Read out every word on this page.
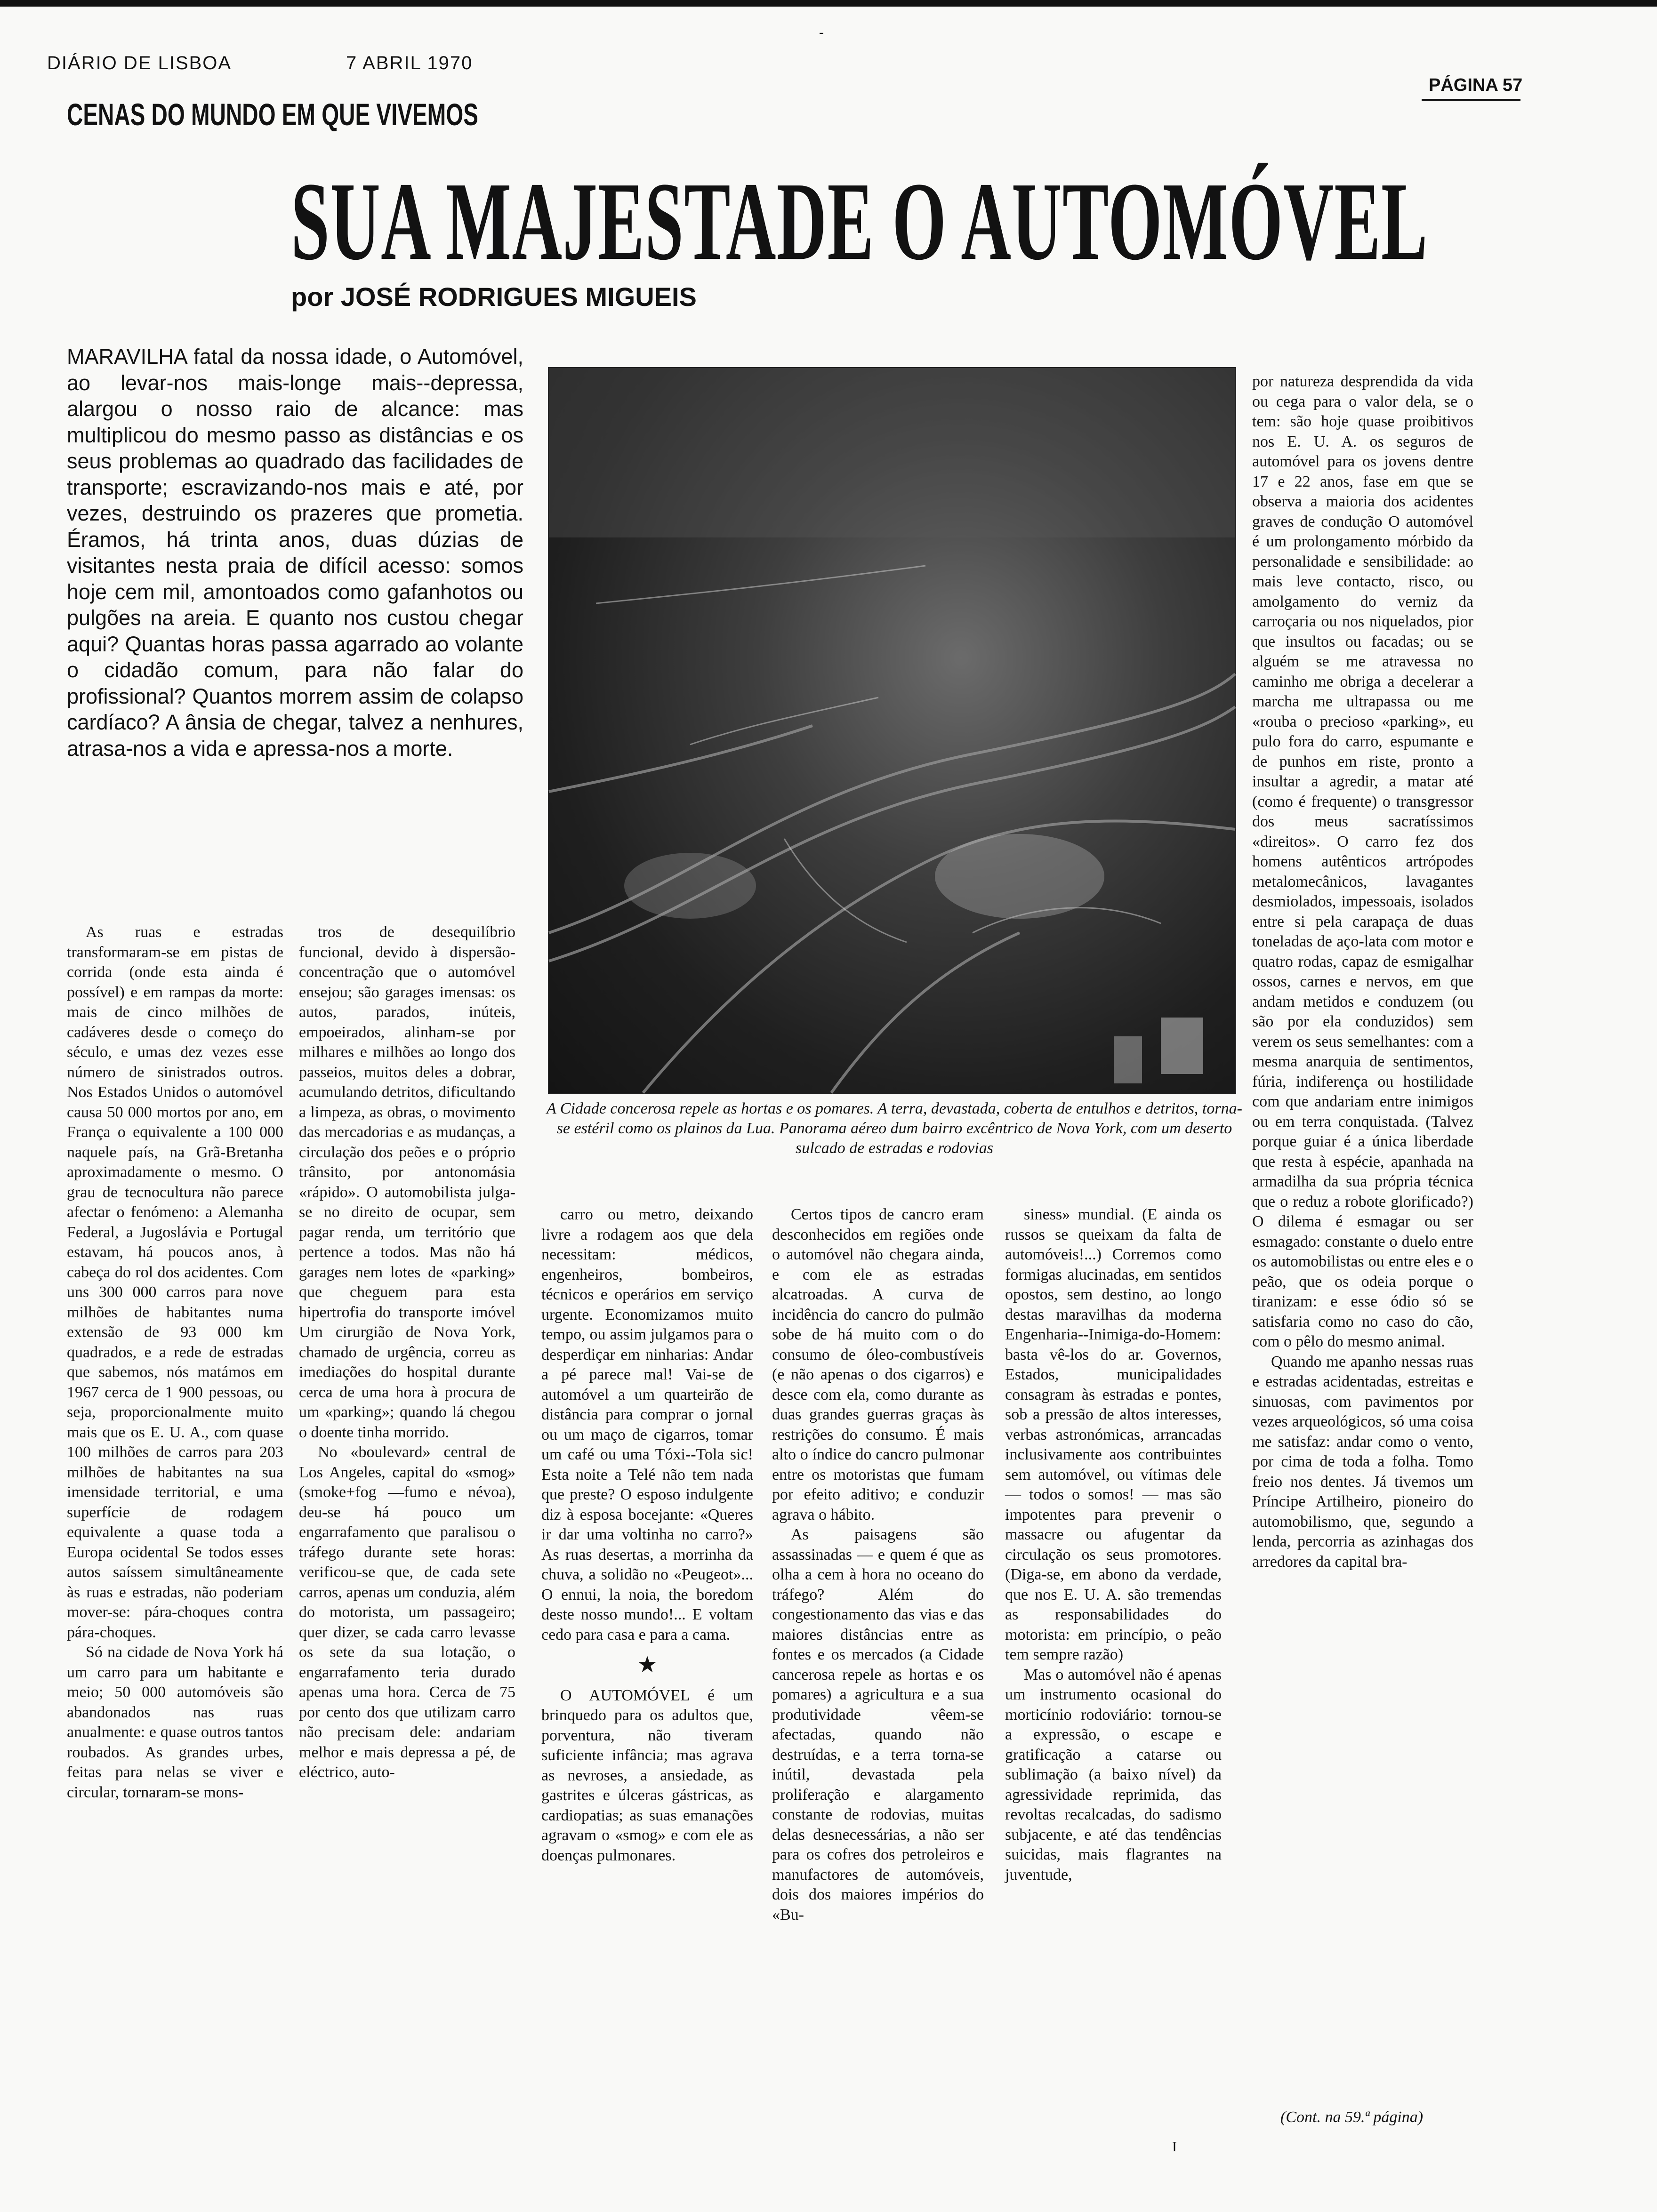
DIÁRIO DE LISBOA	7 ABRIL 1970
PÁGINA 57
-
CENAS DO MUNDO EM QUE VIVEMOS
SUA MAJESTADE O AUTOMÓVEL
por JOSÉ RODRIGUES MIGUEIS
MARAVILHA fatal da nossa idade, o Automóvel, ao levar-nos mais-longe mais--depressa, alargou o nosso raio de alcance: mas multiplicou do mesmo passo as distâncias e os seus problemas ao quadrado das facilidades de transporte; escravizando-nos mais e até, por vezes, destruindo os prazeres que prometia. Éramos, há trinta anos, duas dúzias de visitantes nesta praia de difícil acesso: somos hoje cem mil, amontoados como gafanhotos ou pulgões na areia. E quanto nos custou chegar aqui? Quantas horas passa agarrado ao volante o cidadão comum, para não falar do profissional? Quantos morrem assim de colapso cardíaco? A ânsia de chegar, talvez a nenhures, atrasa-nos a vida e apressa-nos a morte.
A Cidade concerosa repele as hortas e os pomares. A terra, devastada, coberta de entulhos e detritos, torna-se estéril como os plainos da Lua. Panorama aéreo dum bairro excêntrico de Nova York, com um deserto sulcado de estradas e rodovias

As ruas e estradas transformaram-se em pistas de corrida (onde esta ainda é possível) e em rampas da morte: mais de cinco milhões de cadáveres desde o começo do século, e umas dez vezes esse número de sinistrados outros. Nos Estados Unidos o automóvel causa 50 000 mortos por ano, em França o equivalente a 100 000 naquele país, na Grã-Bretanha aproximadamente o mesmo. O grau de tecnocultura não parece afectar o fenómeno: a Alemanha Federal, a Jugoslávia e Portugal estavam, há poucos anos, à cabeça do rol dos acidentes. Com uns 300 000 carros para nove milhões de habitantes numa extensão de 93 000 km quadrados, e a rede de estradas que sabemos, nós matámos em 1967 cerca de 1 900 pessoas, ou seja, proporcionalmente muito mais que os E. U. A., com quase 100 milhões de carros para 203 milhões de habitantes na sua imensidade territorial, e uma superfície de rodagem equivalente a quase toda a Europa ocidental Se todos esses autos saíssem simultâneamente às ruas e estradas, não poderiam mover-se: pára-choques contra pára-choques.

Só na cidade de Nova York há um carro para um habitante e meio; 50 000 automóveis são abandonados nas ruas anualmente: e quase outros tantos roubados. As grandes urbes, feitas para nelas se viver e circular, tornaram-se mons-

tros de desequilíbrio funcional, devido à dispersão-concentração que o automóvel ensejou; são garages imensas: os autos, parados, inúteis, empoeirados, alinham-se por milhares e milhões ao longo dos passeios, muitos deles a dobrar, acumulando detritos, dificultando a limpeza, as obras, o movimento das mercadorias e as mudanças, a circulação dos peões e o próprio trânsito, por antonomásia «rápido». O automobilista julga-se no direito de ocupar, sem pagar renda, um território que pertence a todos. Mas não há garages nem lotes de «parking» que cheguem para esta hipertrofia do transporte imóvel Um cirurgião de Nova York, chamado de urgência, correu as imediações do hospital durante cerca de uma hora à procura de um «parking»; quando lá chegou o doente tinha morrido.

No «boulevard» central de Los Angeles, capital do «smog» (smoke+fog —fumo e névoa), deu-se há pouco um engarrafamento que paralisou o tráfego durante sete horas: verificou-se que, de cada sete carros, apenas um conduzia, além do motorista, um passageiro; quer dizer, se cada carro levasse os sete da sua lotação, o engarrafamento teria durado apenas uma hora. Cerca de 75 por cento dos que utilizam carro não precisam dele: andariam melhor e mais depressa a pé, de eléctrico, auto-

carro ou metro, deixando livre a rodagem aos que dela necessitam: médicos, engenheiros, bombeiros, técnicos e operários em serviço urgente. Economizamos muito tempo, ou assim julgamos para o desperdiçar em ninharias: Andar a pé parece mal! Vai-se de automóvel a um quarteirão de distância para comprar o jornal ou um maço de cigarros, tomar um café ou uma Tóxi--Tola sic! Esta noite a Telé não tem nada que preste? O esposo indulgente diz à esposa bocejante: «Queres ir dar uma voltinha no carro?» As ruas desertas, a morrinha da chuva, a solidão no «Peugeot»... O ennui, la noia, the boredom deste nosso mundo!... E voltam cedo para casa e para a cama.

★

O AUTOMÓVEL é um brinquedo para os adultos que, porventura, não tiveram suficiente infância; mas agrava as nevroses, a ansiedade, as gastrites e úlceras gástricas, as cardiopatias; as suas emanações agravam o «smog» e com ele as doenças pulmonares.

Certos tipos de cancro eram desconhecidos em regiões onde o automóvel não chegara ainda, e com ele as estradas alcatroadas. A curva de incidência do cancro do pulmão sobe de há muito com o do consumo de óleo-combustíveis (e não apenas o dos cigarros) e desce com ela, como durante as duas grandes guerras graças às restrições do consumo. É mais alto o índice do cancro pulmonar entre os motoristas que fumam por efeito aditivo; e conduzir agrava o hábito.

As paisagens são assassinadas — e quem é que as olha a cem à hora no oceano do tráfego? Além do congestionamento das vias e das maiores distâncias entre as fontes e os mercados (a Cidade cancerosa repele as hortas e os pomares) a agricultura e a sua produtividade vêem-se afectadas, quando não destruídas, e a terra torna-se inútil, devastada pela proliferação e alargamento constante de rodovias, muitas delas desnecessárias, a não ser para os cofres dos petroleiros e manufactores de automóveis, dois dos maiores impérios do «Bu-

siness» mundial. (E ainda os russos se queixam da falta de automóveis!...) Corremos como formigas alucinadas, em sentidos opostos, sem destino, ao longo destas maravilhas da moderna Engenharia--Inimiga-do-Homem: basta vê-los do ar. Governos, Estados, municipalidades consagram às estradas e pontes, sob a pressão de altos interesses, verbas astronómicas, arrancadas inclusivamente aos contribuintes sem automóvel, ou vítimas dele — todos o somos! — mas são impotentes para prevenir o massacre ou afugentar da circulação os seus promotores. (Diga-se, em abono da verdade, que nos E. U. A. são tremendas as responsabilidades do motorista: em princípio, o peão tem sempre razão)

Mas o automóvel não é apenas um instrumento ocasional do morticínio rodoviário: tornou-se a expressão, o escape e gratificação a catarse ou sublimação (a baixo nível) da agressividade reprimida, das revoltas recalcadas, do sadismo subjacente, e até das tendências suicidas, mais flagrantes na juventude,

por natureza desprendida da vida ou cega para o valor dela, se o tem: são hoje quase proibitivos nos E. U. A. os seguros de automóvel para os jovens dentre 17 e 22 anos, fase em que se observa a maioria dos acidentes graves de condução O automóvel é um prolongamento mórbido da personalidade e sensibilidade: ao mais leve contacto, risco, ou amolgamento do verniz da carroçaria ou nos niquelados, pior que insultos ou facadas; ou se alguém se me atravessa no caminho me obriga a decelerar a marcha me ultrapassa ou me «rouba o precioso «parking», eu pulo fora do carro, espumante e de punhos em riste, pronto a insultar a agredir, a matar até (como é frequente) o transgressor dos meus sacratíssimos «direitos». O carro fez dos homens autênticos artrópodes metalomecânicos, lavagantes desmiolados, impessoais, isolados entre si pela carapaça de duas toneladas de aço-lata com motor e quatro rodas, capaz de esmigalhar ossos, carnes e nervos, em que andam metidos e conduzem (ou são por ela conduzidos) sem verem os seus semelhantes: com a mesma anarquia de sentimentos, fúria, indiferença ou hostilidade com que andariam entre inimigos ou em terra conquistada. (Talvez porque guiar é a única liberdade que resta à espécie, apanhada na armadilha da sua própria técnica que o reduz a robote glorificado?) O dilema é esmagar ou ser esmagado: constante o duelo entre os automobilistas ou entre eles e o peão, que os odeia porque o tiranizam: e esse ódio só se satisfaria como no caso do cão, com o pêlo do mesmo animal.

Quando me apanho nessas ruas e estradas acidentadas, estreitas e sinuosas, com pavimentos por vezes arqueológicos, só uma coisa me satisfaz: andar como o vento, por cima de toda a folha. Tomo freio nos dentes. Já tivemos um Príncipe Artilheiro, pioneiro do automobilismo, que, segundo a lenda, percorria as azinhagas dos arredores da capital bra-

(Cont. na 59.ª página)
I
